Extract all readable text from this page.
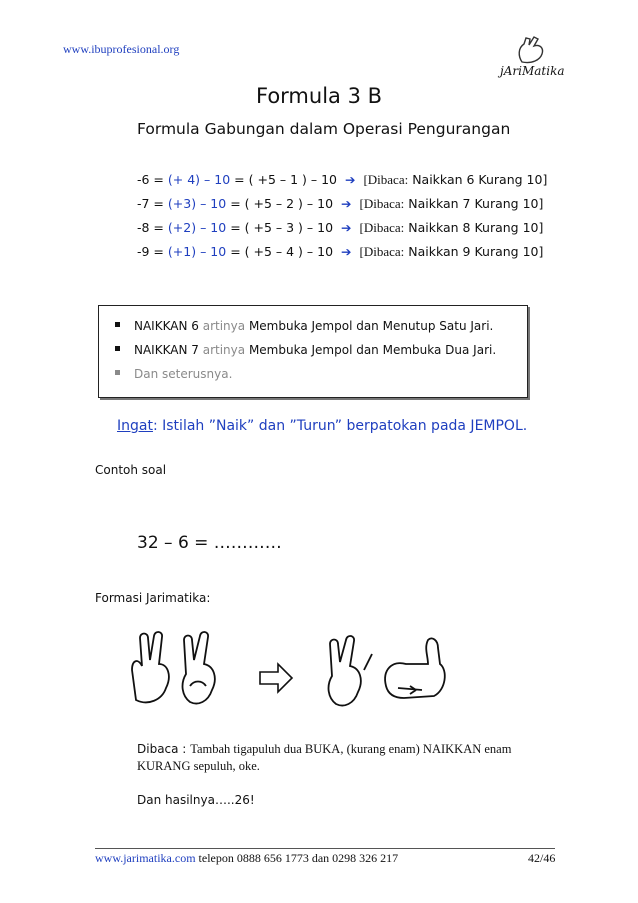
www.ibuprofesional.org
jAriMatika
Formula 3 B
Formula Gabungan dalam Operasi Pengurangan
-6 = (+ 4) – 10 = ( +5 – 1 ) – 10 ➔ [Dibaca: Naikkan 6 Kurang 10]
-7 = (+3) – 10 = ( +5 – 2 ) – 10 ➔ [Dibaca: Naikkan 7 Kurang 10]
-8 = (+2) – 10 = ( +5 – 3 ) – 10 ➔ [Dibaca: Naikkan 8 Kurang 10]
-9 = (+1) – 10 = ( +5 – 4 ) – 10 ➔ [Dibaca: Naikkan 9 Kurang 10]
NAIKKAN 6 artinya Membuka Jempol dan Menutup Satu Jari.
NAIKKAN 7 artinya Membuka Jempol dan Membuka Dua Jari.
Dan seterusnya.
Ingat: Istilah ”Naik” dan ”Turun” berpatokan pada JEMPOL.
Contoh soal
32 – 6 = …………
Formasi Jarimatika:
Dibaca : Tambah tigapuluh dua BUKA, (kurang enam) NAIKKAN enam KURANG sepuluh, oke.
Dan hasilnya…..26!
www.jarimatika.com telepon 0888 656 1773 dan 0298 326 217	42/46
